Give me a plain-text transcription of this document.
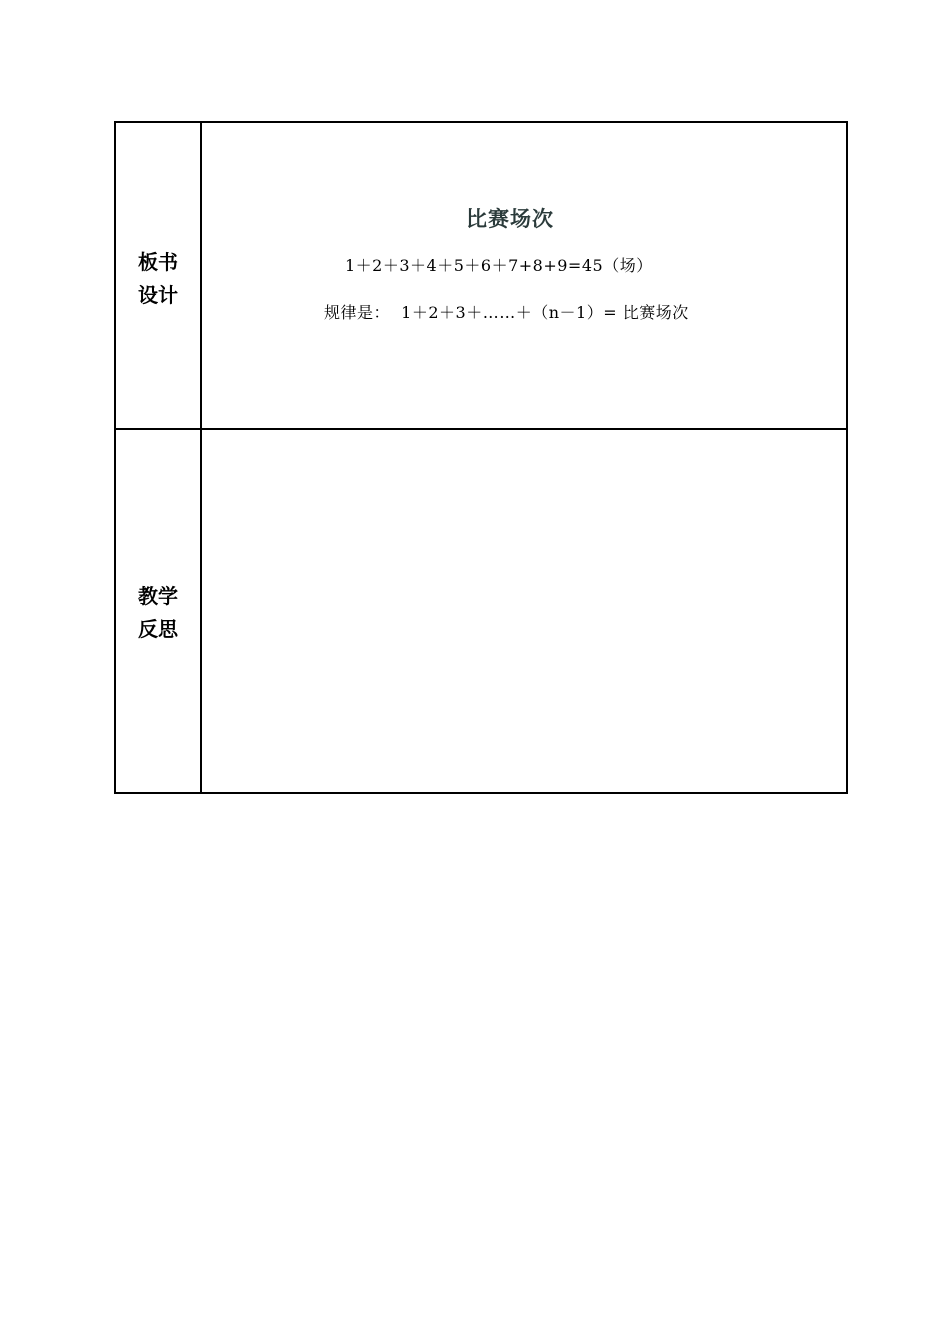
板书
设计
比赛场次
1＋2＋3＋4＋5＋6＋7+8+9=45（场）
规律是：  1＋2＋3＋……＋（n－1）= 比赛场次
教学
反思
